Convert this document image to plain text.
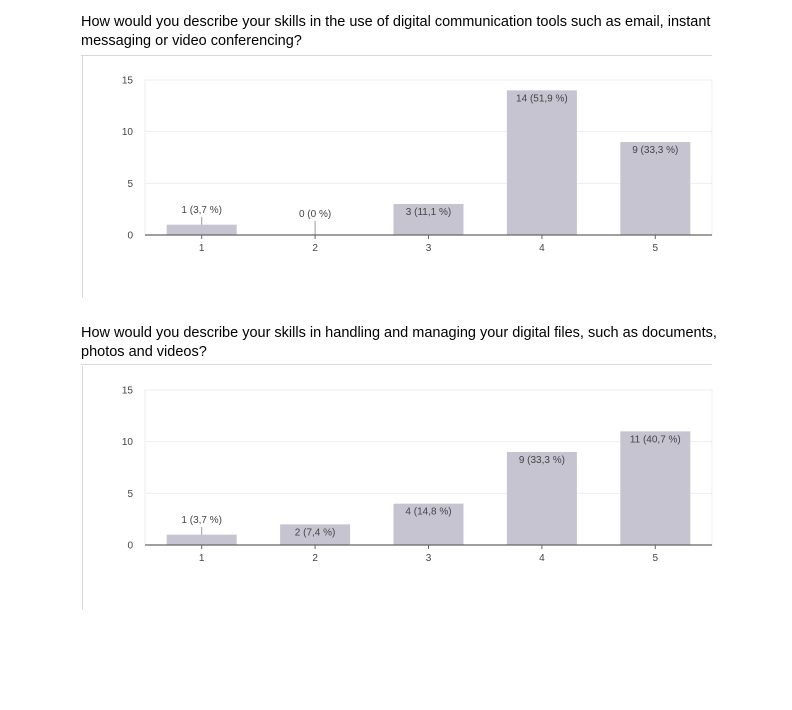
How would you describe your skills in the use of digital communication tools such as email, instant messaging or video conferencing?
0
5
10
15
1 (3,7 %)
1
0 (0 %)
2
3 (11,1 %)
3
14 (51,9 %)
4
9 (33,3 %)
5
How would you describe your skills in handling and managing your digital files, such as documents, photos and videos?
0
5
10
15
1 (3,7 %)
1
2 (7,4 %)
2
4 (14,8 %)
3
9 (33,3 %)
4
11 (40,7 %)
5
